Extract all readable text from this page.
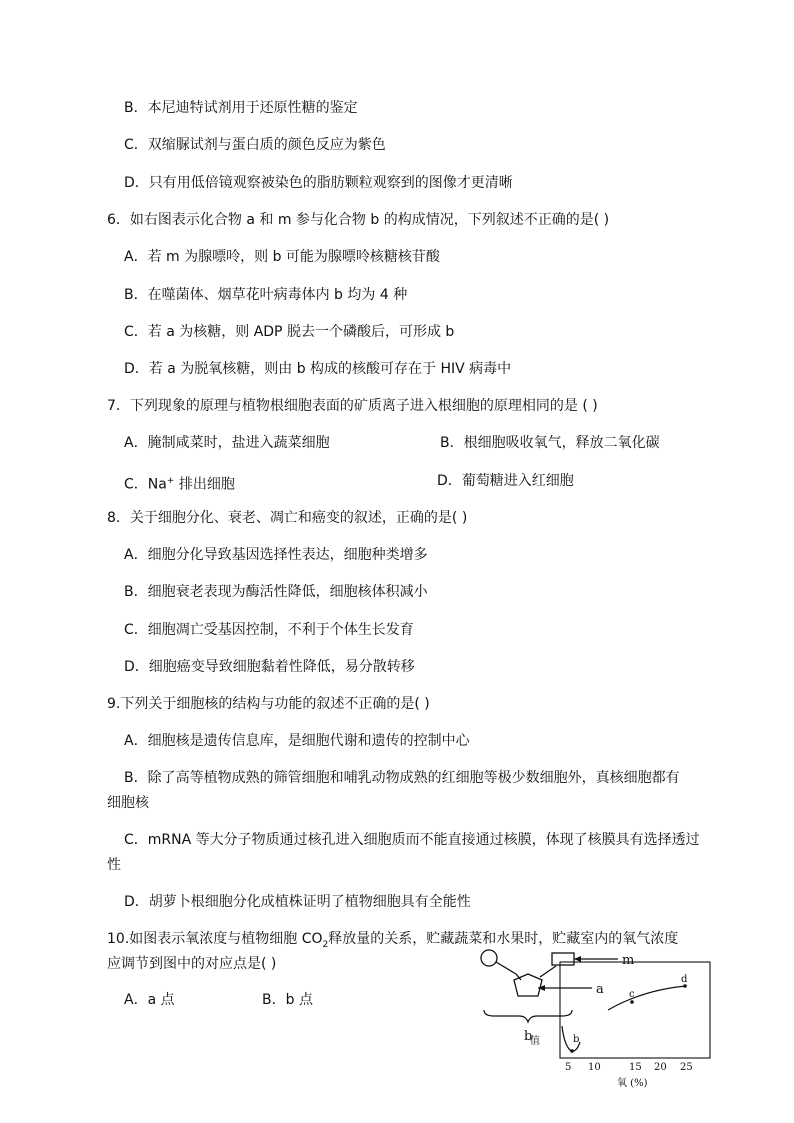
B．本尼迪特试剂用于还原性糖的鉴定
C．双缩脲试剂与蛋白质的颜色反应为紫色
D．只有用低倍镜观察被染色的脂肪颗粒观察到的图像才更清晰
6．如右图表示化合物 a 和 m 参与化合物 b 的构成情况，下列叙述不正确的是( )
A．若 m 为腺嘌呤，则 b 可能为腺嘌呤核糖核苷酸
B．在噬菌体、烟草花叶病毒体内 b 均为 4 种
C．若 a 为核糖，则 ADP 脱去一个磷酸后，可形成 b
D．若 a 为脱氧核糖，则由 b 构成的核酸可存在于 HIV 病毒中
7．下列现象的原理与植物根细胞表面的矿质离子进入根细胞的原理相同的是 ( )
A．腌制咸菜时，盐进入蔬菜细胞	B．根细胞吸收氧气，释放二氧化碳
C．Na+ 排出细胞	D．葡萄糖进入红细胞
8．关于细胞分化、衰老、凋亡和癌变的叙述，正确的是( )
A．细胞分化导致基因选择性表达，细胞种类增多
B．细胞衰老表现为酶活性降低，细胞核体积减小
C．细胞凋亡受基因控制，不利于个体生长发育
D．细胞癌变导致细胞黏着性降低，易分散转移
9.下列关于细胞核的结构与功能的叙述不正确的是( )
A．细胞核是遗传信息库，是细胞代谢和遗传的控制中心
B．除了高等植物成熟的筛管细胞和哺乳动物成熟的红细胞等极少数细胞外，真核细胞都有
细胞核
C．mRNA 等大分子物质通过核孔进入细胞质而不能直接通过核膜，体现了核膜具有选择透过
性
D．胡萝卜根细胞分化成植株证明了植物细胞具有全能性
10.如图表示氧浓度与植物细胞 $CO_2$释放量的关系，贮藏蔬菜和水果时，贮藏室内的氧气浓度
应调节到图中的对应点是( )
A．a 点	B．b 点
m
a
b	b
c
d
值
5 10	15 20 25
氧 (%)
